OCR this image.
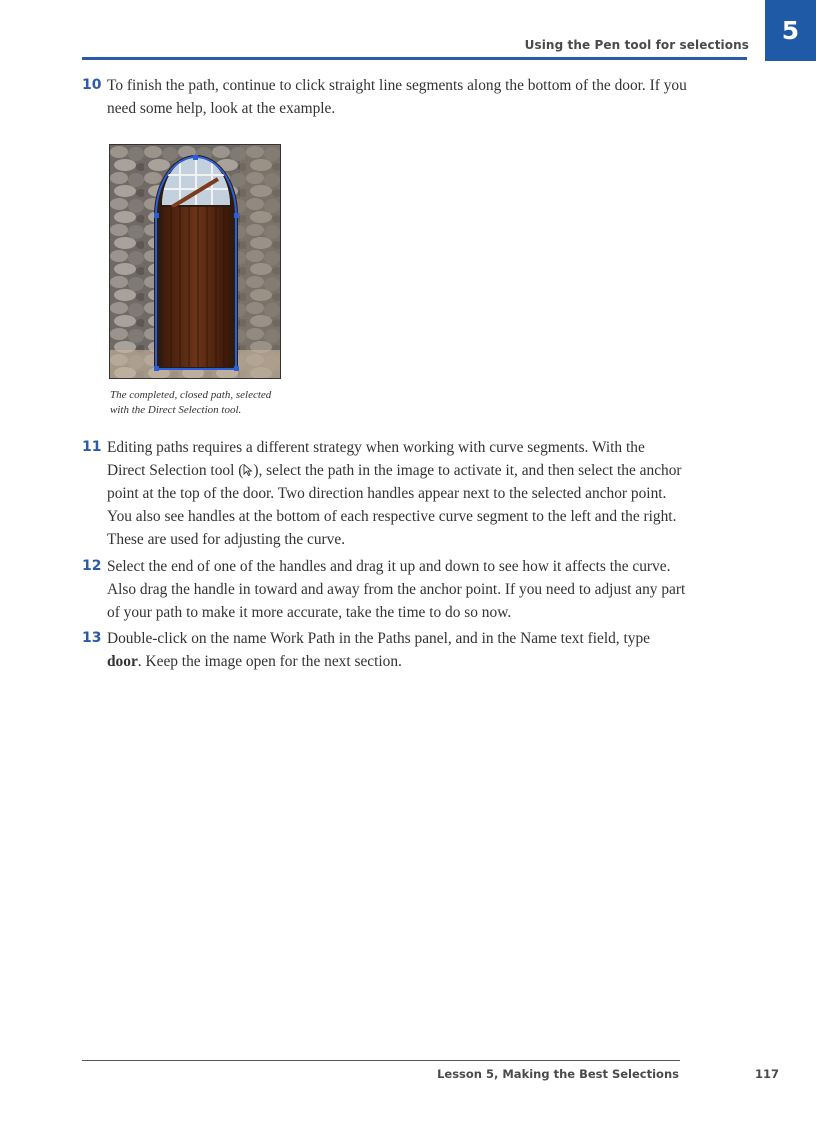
Using the Pen tool for selections	5
10 To finish the path, continue to click straight line segments along the bottom of the door. If you need some help, look at the example.
The completed, closed path, selected with the Direct Selection tool.
11 Editing paths requires a different strategy when working with curve segments. With the Direct Selection tool ( ), select the path in the image to activate it, and then select the anchor point at the top of the door. Two direction handles appear next to the selected anchor point. You also see handles at the bottom of each respective curve segment to the left and the right. These are used for adjusting the curve.
12 Select the end of one of the handles and drag it up and down to see how it affects the curve. Also drag the handle in toward and away from the anchor point. If you need to adjust any part of your path to make it more accurate, take the time to do so now.
13 Double-click on the name Work Path in the Paths panel, and in the Name text field, type door. Keep the image open for the next section.
Lesson 5, Making the Best Selections	117
